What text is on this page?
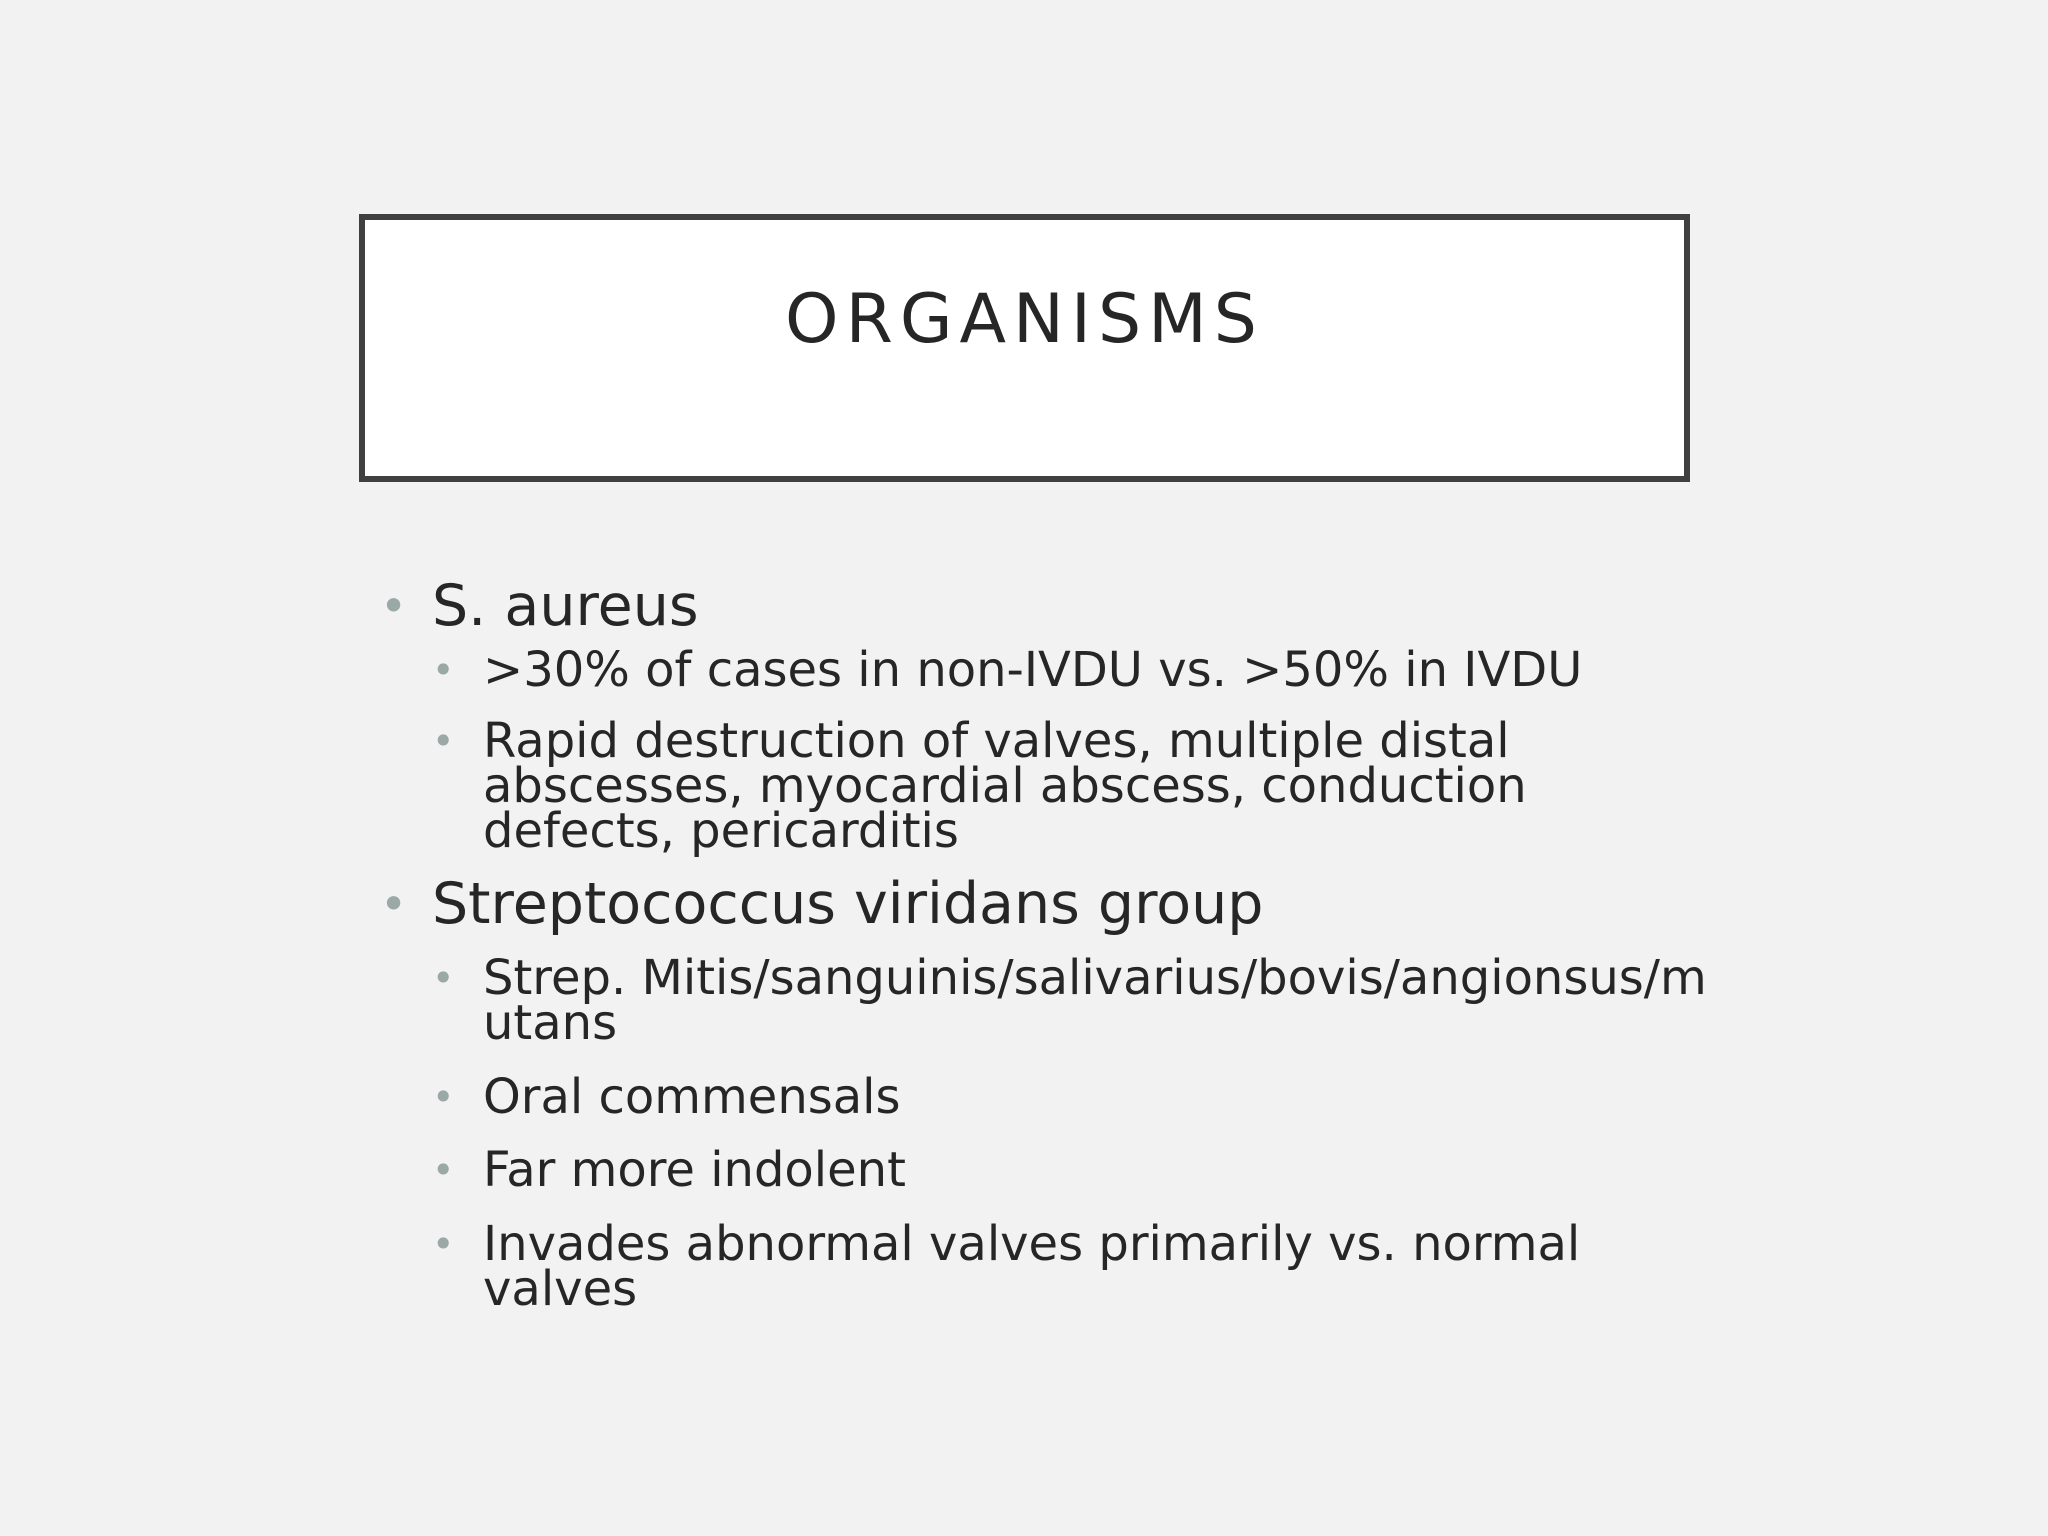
ORGANISMS
• S. aureus
• >30% of cases in non-IVDU vs. >50% in IVDU
• Rapid destruction of valves, multiple distal abscesses, myocardial abscess, conduction defects, pericarditis
• Streptococcus viridans group
• Strep. Mitis/sanguinis/salivarius/bovis/angionsus/mutans
• Oral commensals
• Far more indolent
• Invades abnormal valves primarily vs. normal valves
